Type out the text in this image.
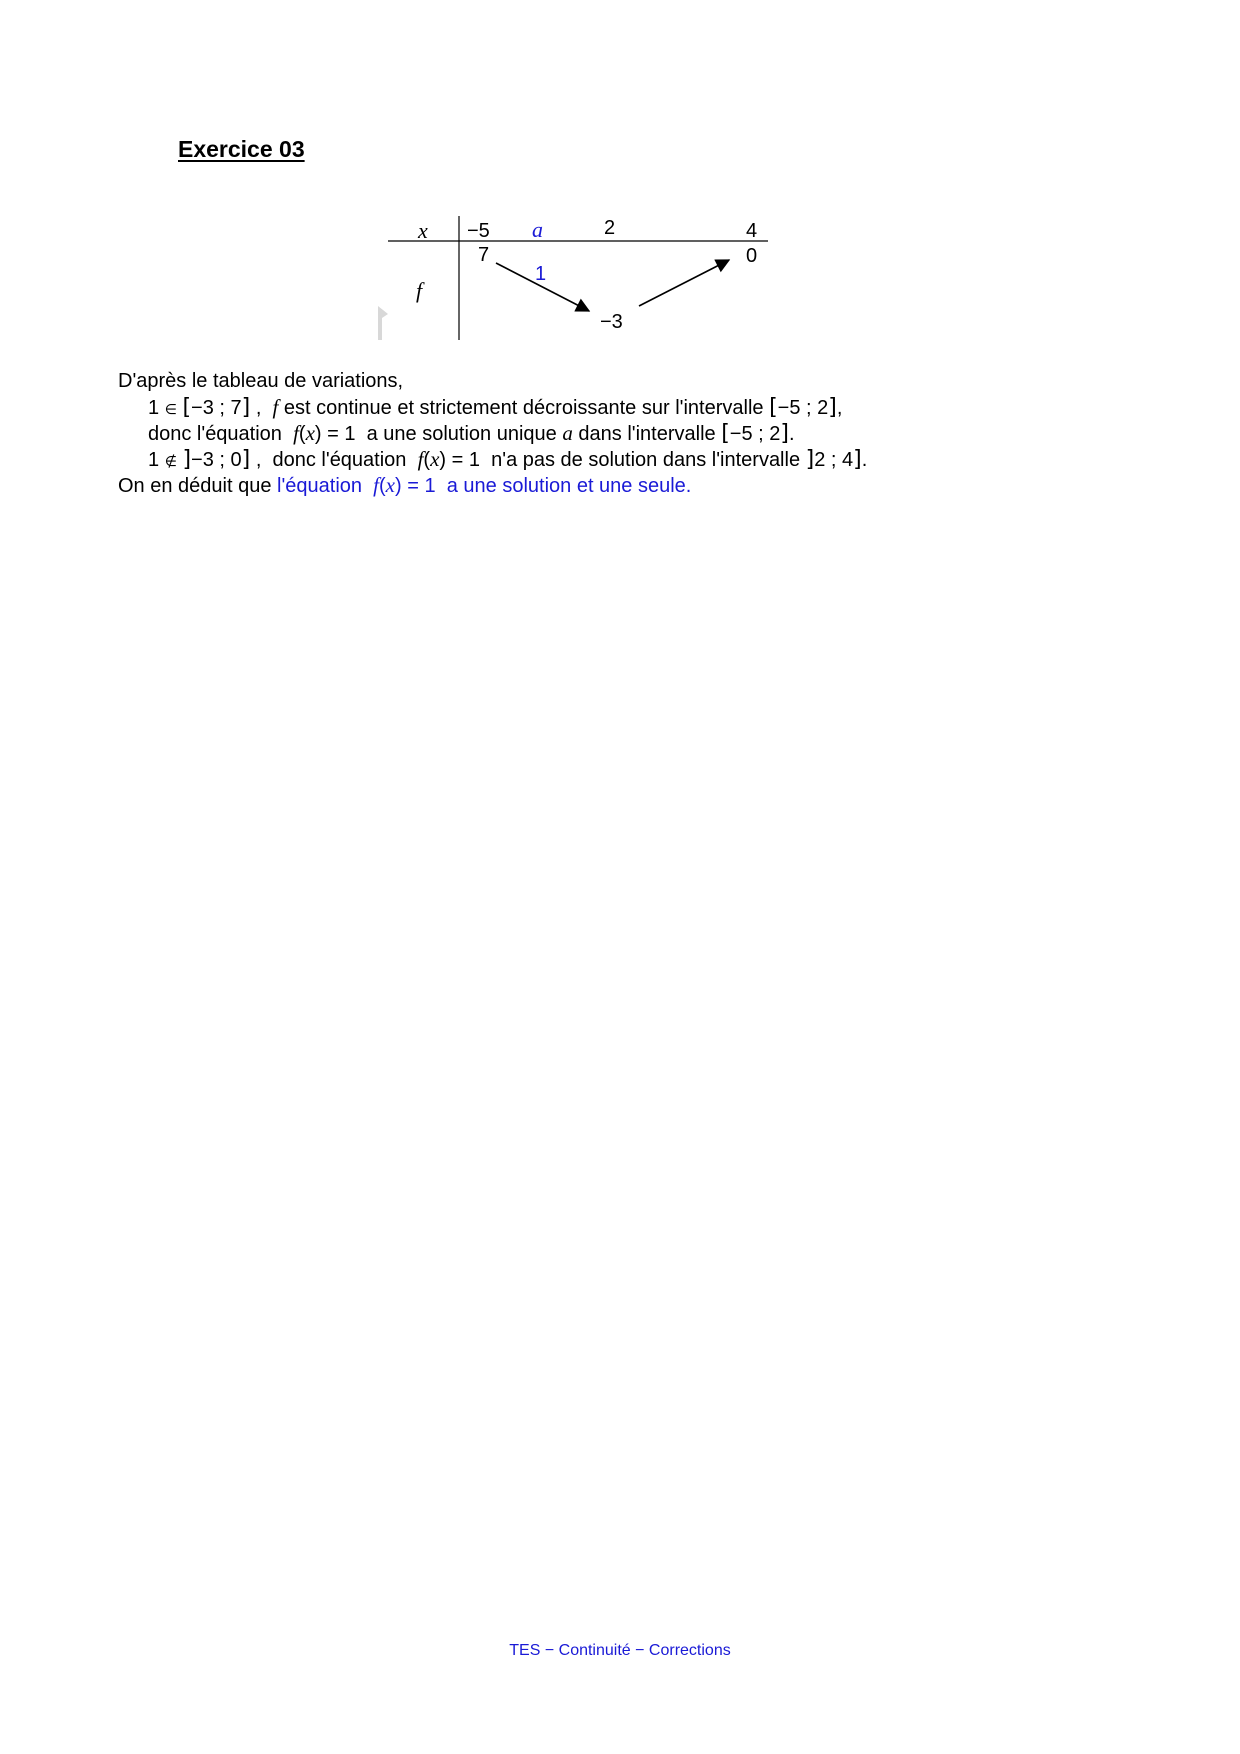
Exercice 03
x
f
−5 a	2	4
7
1
−3
0
D'après le tableau de variations,
1 ∈ [−3 ; 7] , f est continue et strictement décroissante sur l'intervalle [−5 ; 2],
donc l'équation f(x) = 1 a une solution unique a dans l'intervalle [−5 ; 2].
1 ∉ ]−3 ; 0] , donc l'équation f(x) = 1 n'a pas de solution dans l'intervalle ]2 ; 4].
On en déduit que l'équation f(x) = 1 a une solution et une seule.
TES − Continuité − Corrections
